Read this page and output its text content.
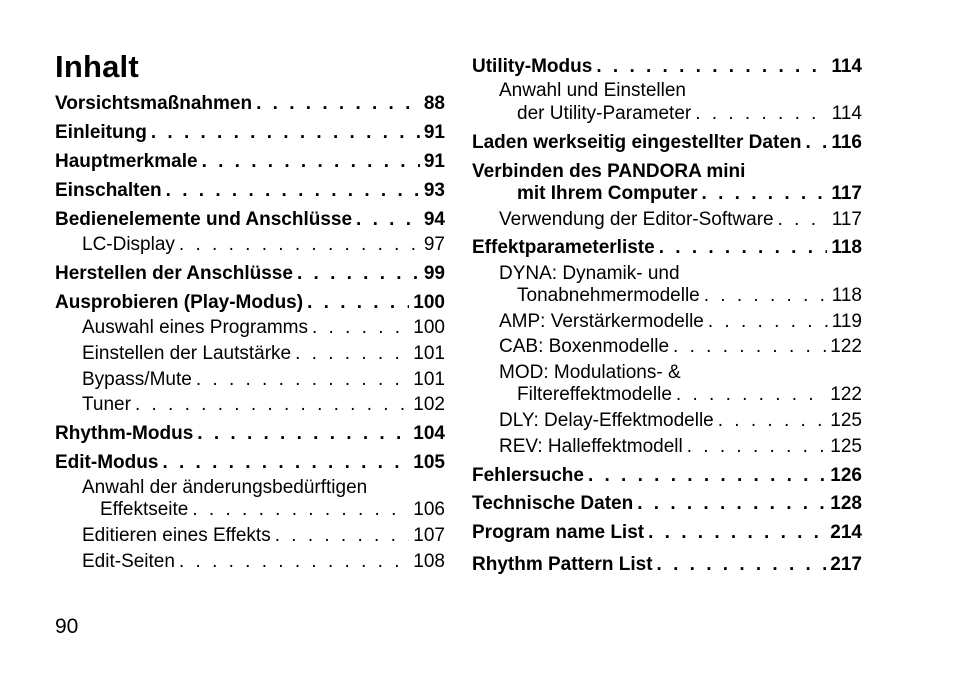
Inhalt
Vorsichtsmaßnahmen . . .	88
Einleitung . . .	91
Hauptmerkmale . . .	91
Einschalten . . .	93
Bedienelemente und Anschlüsse . . .	94
LC-Display . . .	97
Herstellen der Anschlüsse . . .	99
Ausprobieren (Play-Modus) . . .	100
Auswahl eines Programms . . .	100
Einstellen der Lautstärke . . .	101
Bypass/Mute . . .	101
Tuner . . .	102
Rhythm-Modus . . .	104
Edit-Modus . . .	105
Anwahl der änderungsbedürftigen
Effektseite . . .	106
Editieren eines Effekts . . .	107
Edit-Seiten . . .	108
Utility-Modus . . .	114
Anwahl und Einstellen
der Utility-Parameter . . .	114
Laden werkseitig eingestellter Daten . . . 116
Verbinden des PANDORA mini
mit Ihrem Computer . . .	117
Verwendung der Editor-Software . . .	117
Effektparameterliste . . .	118
DYNA: Dynamik- und
Tonabnehmermodelle . . .	118
AMP: Verstärkermodelle . . .	119
CAB: Boxenmodelle . . .	122
MOD: Modulations- &
Filtereffektmodelle . . .	122
DLY: Delay-Effektmodelle . . .	125
REV: Halleffektmodell . . .	125
Fehlersuche . . .	126
Technische Daten . . .	128
Program name List . . .	214
Rhythm Pattern List . . .	217
90
